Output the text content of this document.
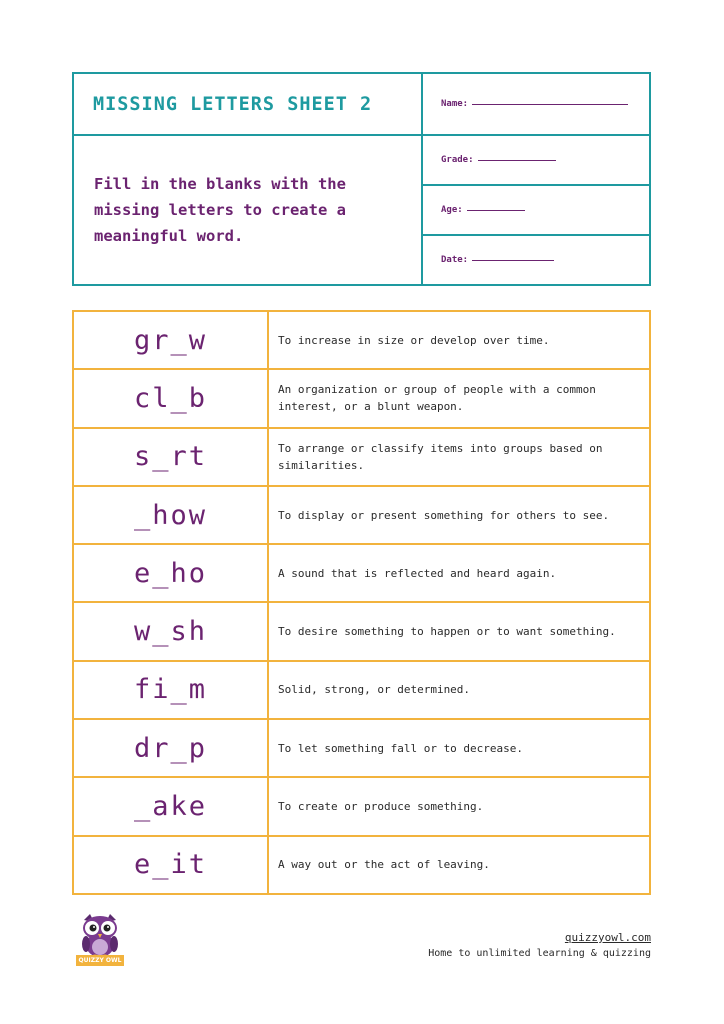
MISSING LETTERS SHEET 2	Name:

Fill in the blanks with the missing letters to create a meaningful word.

Grade:
Age:
Date:
gr_w	To increase in size or develop over time.
cl_b	An organization or group of people with a common interest, or a blunt weapon.
s_rt	To arrange or classify items into groups based on similarities.
_how	To display or present something for others to see.
e_ho	A sound that is reflected and heard again.
w_sh	To desire something to happen or to want something.
fi_m	Solid, strong, or determined.
dr_p	To let something fall or to decrease.
_ake	To create or produce something.
e_it	A way out or the act of leaving.
QUIZZY OWL
quizzyowl.com
Home to unlimited learning & quizzing
